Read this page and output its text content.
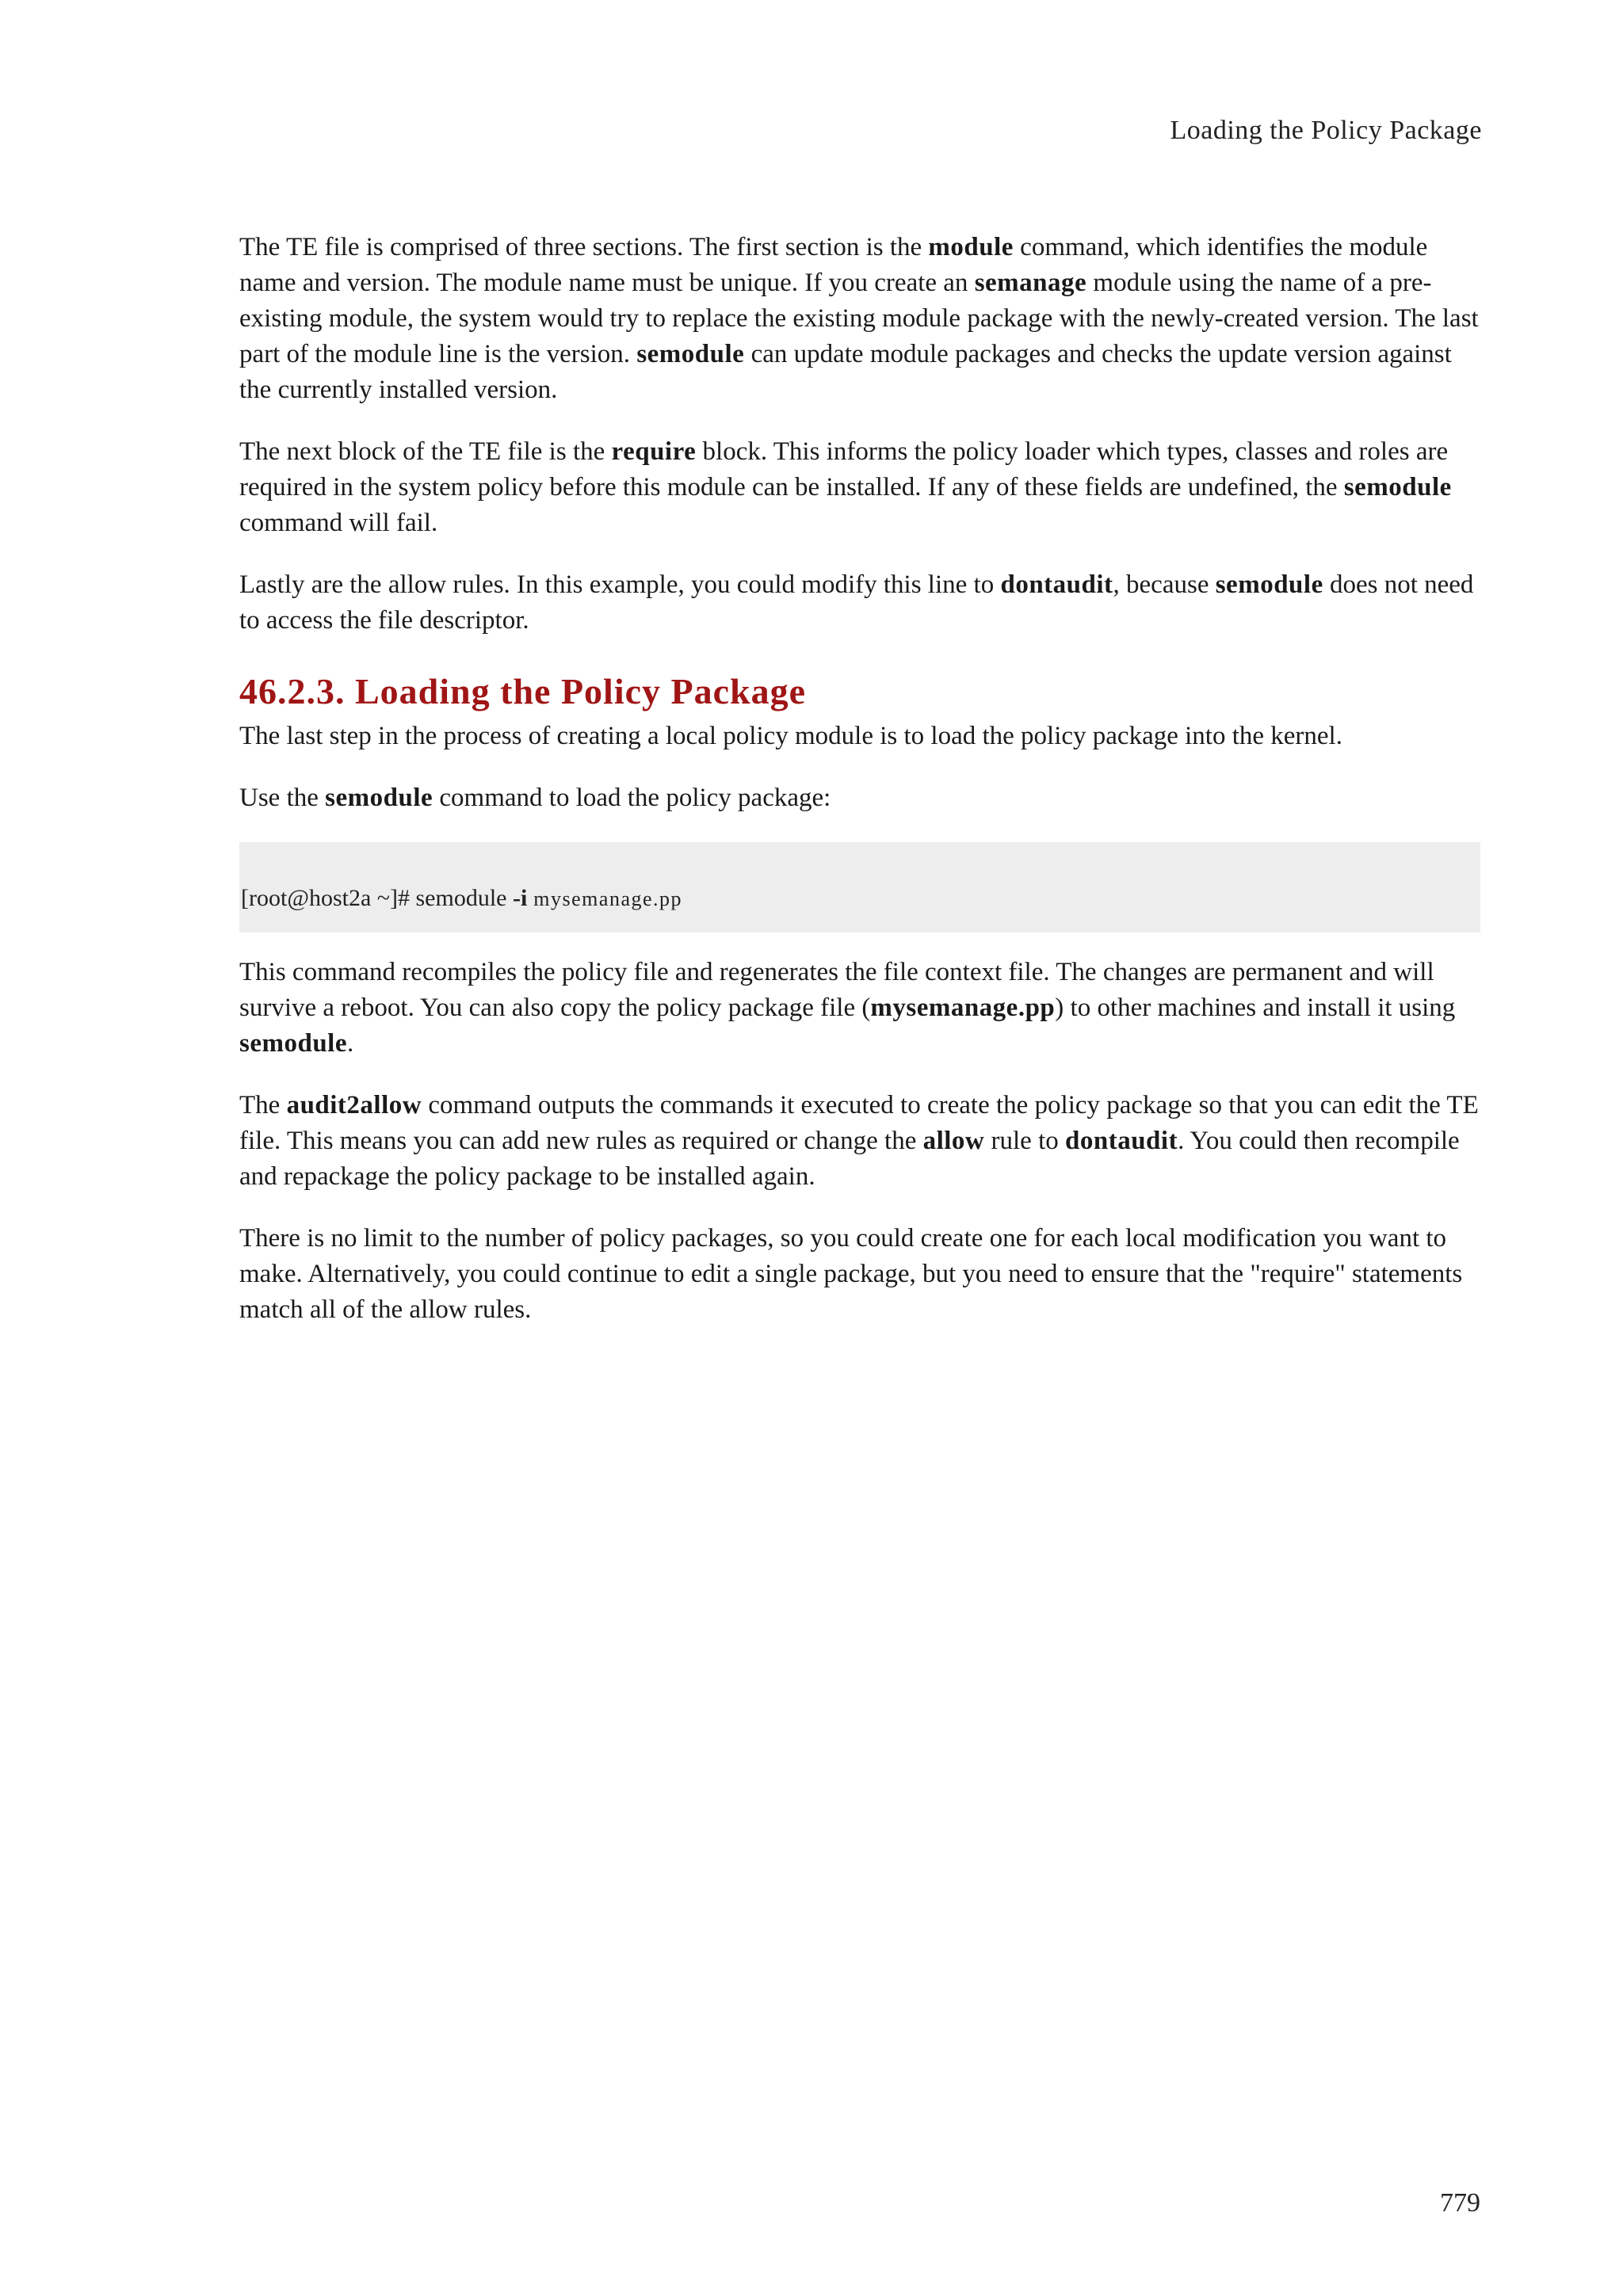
Loading the Policy Package

The TE file is comprised of three sections. The first section is the module command, which identifies the module name and version. The module name must be unique. If you create an semanage module using the name of a pre-existing module, the system would try to replace the existing module package with the newly-created version. The last part of the module line is the version. semodule can update module packages and checks the update version against the currently installed version.

The next block of the TE file is the require block. This informs the policy loader which types, classes and roles are required in the system policy before this module can be installed. If any of these fields are undefined, the semodule command will fail.

Lastly are the allow rules. In this example, you could modify this line to dontaudit, because semodule does not need to access the file descriptor.

46.2.3. Loading the Policy Package

The last step in the process of creating a local policy module is to load the policy package into the kernel.

Use the semodule command to load the policy package:

[root@host2a ~]# semodule -i mysemanage.pp

This command recompiles the policy file and regenerates the file context file. The changes are permanent and will survive a reboot. You can also copy the policy package file (mysemanage.pp) to other machines and install it using semodule.

The audit2allow command outputs the commands it executed to create the policy package so that you can edit the TE file. This means you can add new rules as required or change the allow rule to dontaudit. You could then recompile and repackage the policy package to be installed again.

There is no limit to the number of policy packages, so you could create one for each local modification you want to make. Alternatively, you could continue to edit a single package, but you need to ensure that the "require" statements match all of the allow rules.

779
